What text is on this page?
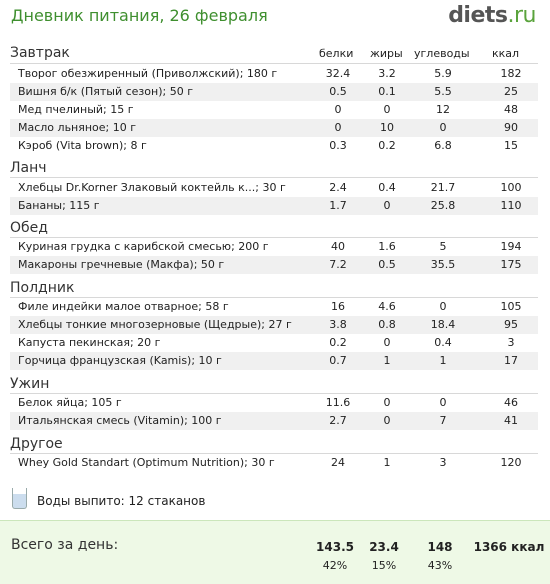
Дневник питания, 26 февраля	diets.ru
белки жиры углеводы ккал
Завтрак
Творог обезжиренный (Приволжский); 180 г	32.4	3.2	5.9	182
Вишня б/к (Пятый сезон); 50 г	0.5	0.1	5.5	25
Мед пчелиный; 15 г	0	0	12	48
Масло льняное; 10 г	0	10	0	90
Кэроб (Vita brown); 8 г	0.3	0.2	6.8	15
Ланч
Хлебцы Dr.Korner Злаковый коктейль к...; 30 г	2.4	0.4	21.7	100
Бананы; 115 г	1.7	0	25.8	110
Обед
Куриная грудка с карибской смесью; 200 г	40	1.6	5	194
Макароны гречневые (Макфа); 50 г	7.2	0.5	35.5	175
Полдник
Филе индейки малое отварное; 58 г	16	4.6	0	105
Хлебцы тонкие многозерновые (Щедрые); 27 г	3.8	0.8	18.4	95
Капуста пекинская; 20 г	0.2	0	0.4	3
Горчица французская (Kamis); 10 г	0.7	1	1	17
Ужин
Белок яйца; 105 г	11.6	0	0	46
Итальянская смесь (Vitamin); 100 г	2.7	0	7	41
Другое
Whey Gold Standart (Optimum Nutrition); 30 г	24	1	3	120
Воды выпито: 12 стаканов
Всего за день:	143.5	23.4	148	1366 ккал
42%	15%	43%
